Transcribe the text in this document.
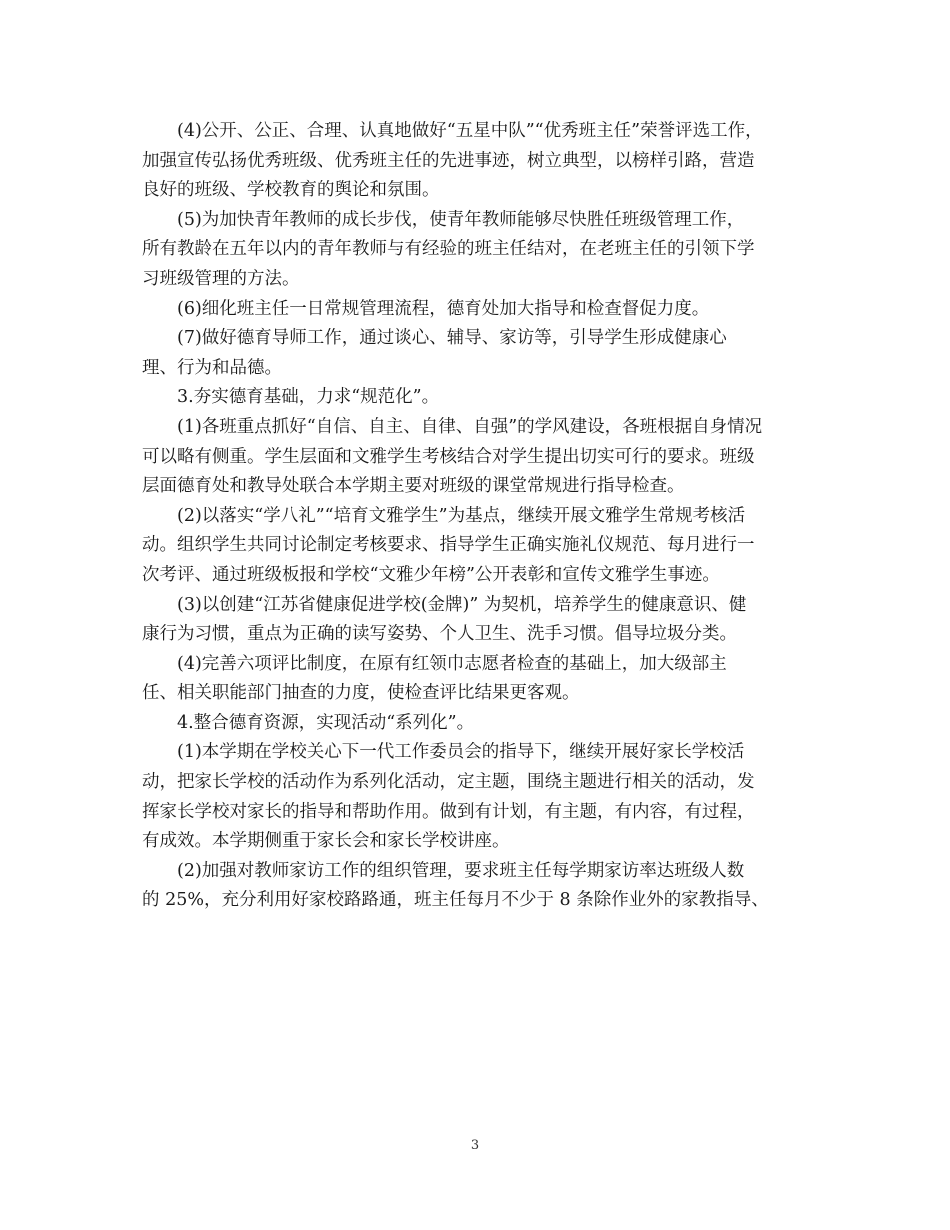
(4)公开、公正、合理、认真地做好“五星中队”“优秀班主任”荣誉评选工作，
加强宣传弘扬优秀班级、优秀班主任的先进事迹，树立典型，以榜样引路，营造
良好的班级、学校教育的舆论和氛围。

(5)为加快青年教师的成长步伐，使青年教师能够尽快胜任班级管理工作，
所有教龄在五年以内的青年教师与有经验的班主任结对，在老班主任的引领下学
习班级管理的方法。

(6)细化班主任一日常规管理流程，德育处加大指导和检查督促力度。

(7)做好德育导师工作，通过谈心、辅导、家访等，引导学生形成健康心
理、行为和品德。

3.夯实德育基础，力求“规范化”。

(1)各班重点抓好“自信、自主、自律、自强”的学风建设，各班根据自身情况
可以略有侧重。学生层面和文雅学生考核结合对学生提出切实可行的要求。班级
层面德育处和教导处联合本学期主要对班级的课堂常规进行指导检查。

(2)以落实“学八礼”“培育文雅学生”为基点，继续开展文雅学生常规考核活
动。组织学生共同讨论制定考核要求、指导学生正确实施礼仪规范、每月进行一
次考评、通过班级板报和学校“文雅少年榜”公开表彰和宣传文雅学生事迹。

(3)以创建“江苏省健康促进学校(金牌)” 为契机，培养学生的健康意识、健
康行为习惯，重点为正确的读写姿势、个人卫生、洗手习惯。倡导垃圾分类。

(4)完善六项评比制度，在原有红领巾志愿者检查的基础上，加大级部主
任、相关职能部门抽查的力度，使检查评比结果更客观。

4.整合德育资源，实现活动“系列化”。

(1)本学期在学校关心下一代工作委员会的指导下，继续开展好家长学校活
动，把家长学校的活动作为系列化活动，定主题，围绕主题进行相关的活动，发
挥家长学校对家长的指导和帮助作用。做到有计划，有主题，有内容，有过程，
有成效。本学期侧重于家长会和家长学校讲座。

(2)加强对教师家访工作的组织管理，要求班主任每学期家访率达班级人数
的 25%，充分利用好家校路路通，班主任每月不少于 8 条除作业外的家教指导、

3
